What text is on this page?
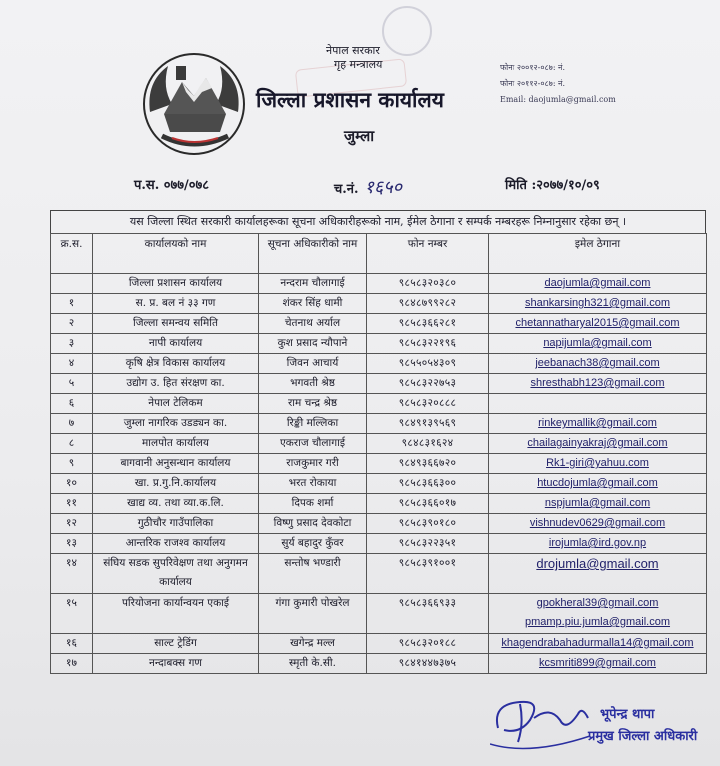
नेपाल सरकार
गृह मन्त्रालय
जिल्ला प्रशासन कार्यालय
जुम्ला
फोनः २००१२-०८७: नं.
फोनः २०११२-०८७: नं.
Email: daojumla@gmail.com
प.स. ०७७/०७८	च.नं. १६५०	मिति :२०७७/१०/०९
यस जिल्ला स्थित सरकारी कार्यालहरूका सूचना अधिकारीहरूको नाम, ईमेल ठेगाना र सम्पर्क नम्बरहरू निम्नानुसार रहेका छन् ।
क्र.स.	कार्यालयको नाम	सूचना अधिकारीको नाम	फोन नम्बर	इमेल ठेगाना
	जिल्ला प्रशासन कार्यालय	नन्दराम चौलागाई	९८५८३२०३८०	daojumla@gmail.com
१	स. प्र. बल नं ३३ गण	शंकर सिंह धामी	९८४८७९९२८२	shankarsingh321@gmail.com
२	जिल्ला समन्वय समिति	चेतनाथ अर्याल	९८५८३६६२८१	chetannatharyal2015@gmail.com
३	नापी कार्यालय	कुश प्रसाद न्यौपाने	९८५८३२२१९६	napijumla@gmail.com
४	कृषि क्षेत्र विकास कार्यालय	जिवन आचार्य	९८५५०५४३०९	jeebanach38@gmail.com
५	उद्योग उ. हित संरक्षण का.	भगवती श्रेष्ठ	९८५८३२२७५३	shresthabh123@gmail.com
६	नेपाल टेलिकम	राम चन्द्र श्रेष्ठ	९८५८३२०८८८	
७	जुम्ला नागरिक उडड्यन का.	रिङ्की मल्लिका	९८४९१३९५६९	rinkeymallik@gmail.com
८	मालपोत कार्यालय	एकराज चौलागाई	९८४८३१६२४	chailagainyakraj@gmail.com
९	बागवानी अनुसन्धान कार्यालय	राजकुमार गरी	९८४९३६६७२०	Rk1-giri@yahuu.com
१०	खा. प्र.गु.नि.कार्यालय	भरत रोकाया	९८५८३६६३००	htucdojumla@gmail.com
११	खाद्य व्य. तथा व्या.क.लि.	दिपक शर्मा	९८५८३६६०१७	nspjumla@gmail.com
१२	गुठीचौर गाउँपालिका	विष्णु प्रसाद देवकोटा	९८५८३९०१८०	vishnudev0629@gmail.com
१३	आन्तरिक राजश्व कार्यालय	सुर्य बहादुर कुँवर	९८५८३२२३५१	irojumla@ird.gov.np
१४	संघिय सडक सुपरिवेक्षण तथा अनुगमन कार्यालय	सन्तोष भण्डारी	९८५८३९१००१	drojumla@gmail.com
१५	परियोजना कार्यान्वयन एकाई	गंगा कुमारी पोखरेल	९८५८३६६९३३	gpokheral39@gmail.com
pmamp.piu.jumla@gmail.com

१६	साल्ट ट्रेडिंग	खगेन्द्र मल्ल	९८५८३२०१८८	khagendrabahadurmalla14@gmail.com
१७	नन्दाबक्स गण	स्मृती के.सी.	९८४१४४७३७५	kcsmriti899@gmail.com
भूपेन्द्र थापा
प्रमुख जिल्ला अधिकारी
